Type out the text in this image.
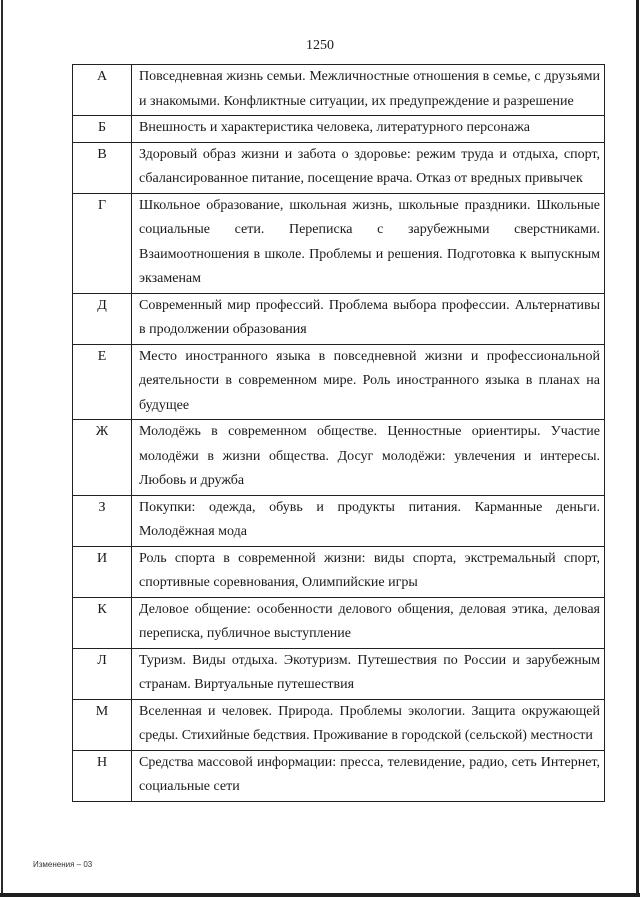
1250
А	Повседневная жизнь семьи. Межличностные отношения в семье, с друзьями и знакомыми. Конфликтные ситуации, их предупреждение и разрешение
Б	Внешность и характеристика человека, литературного персонажа
В	Здоровый образ жизни и забота о здоровье: режим труда и отдыха, спорт, сбалансированное питание, посещение врача. Отказ от вредных привычек
Г	Школьное образование, школьная жизнь, школьные праздники. Школьные социальные сети. Переписка с зарубежными сверстниками. Взаимоотношения в школе. Проблемы и решения. Подготовка к выпускным экзаменам
Д	Современный мир профессий. Проблема выбора профессии. Альтернативы в продолжении образования
Е	Место иностранного языка в повседневной жизни и профессиональной деятельности в современном мире. Роль иностранного языка в планах на будущее
Ж	Молодёжь в современном обществе. Ценностные ориентиры. Участие молодёжи в жизни общества. Досуг молодёжи: увлечения и интересы. Любовь и дружба
З	Покупки: одежда, обувь и продукты питания. Карманные деньги. Молодёжная мода
И	Роль спорта в современной жизни: виды спорта, экстремальный спорт, спортивные соревнования, Олимпийские игры
К	Деловое общение: особенности делового общения, деловая этика, деловая переписка, публичное выступление
Л	Туризм. Виды отдыха. Экотуризм. Путешествия по России и зарубежным странам. Виртуальные путешествия
М	Вселенная и человек. Природа. Проблемы экологии. Защита окружающей среды. Стихийные бедствия. Проживание в городской (сельской) местности
Н	Средства массовой информации: пресса, телевидение, радио, сеть Интернет, социальные сети
Изменения – 03
